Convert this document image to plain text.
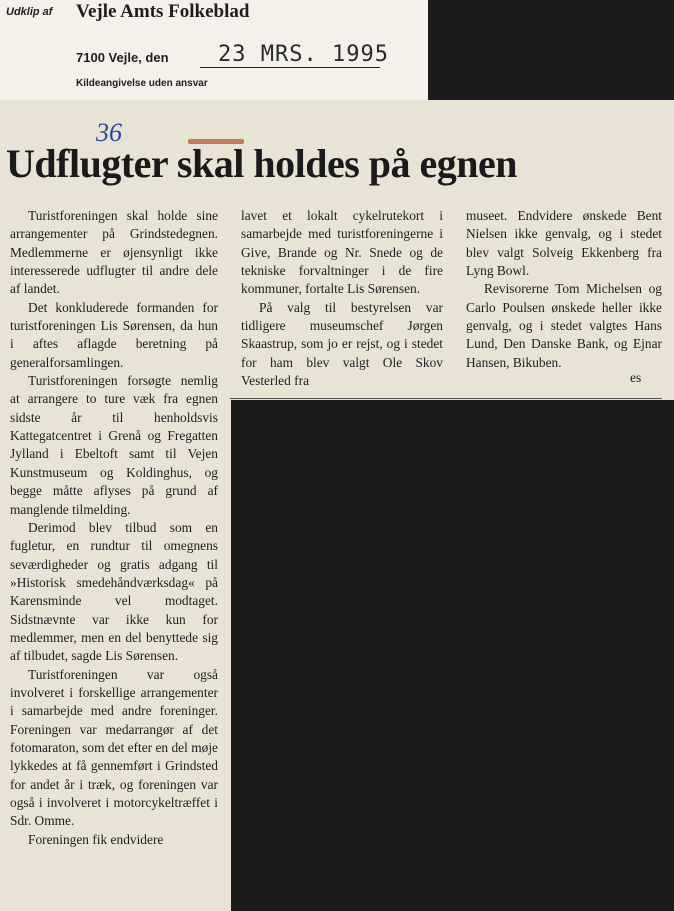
Udklip af Vejle Amts Folkeblad
7100 Vejle, den 23 MRS. 1995
Kildeangivelse uden ansvar
36
Udflugter skal holdes på egnen

Turistforeningen skal holde sine arrangementer på Grindstedegnen. Medlemmerne er øjensynligt ikke interesserede udflugter til andre dele af landet.

Det konkluderede formanden for turistforeningen Lis Sørensen, da hun i aftes aflagde beretning på generalforsamlingen.

Turistforeningen forsøgte nemlig at arrangere to ture væk fra egnen sidste år til henholdsvis Kattegatcentret i Grenå og Fregatten Jylland i Ebeltoft samt til Vejen Kunstmuseum og Koldinghus, og begge måtte aflyses på grund af manglende tilmelding.

Derimod blev tilbud som en fugletur, en rundtur til omegnens seværdigheder og gratis adgang til »Historisk smedehåndværksdag« på Karensminde vel modtaget. Sidstnævnte var ikke kun for medlemmer, men en del benyttede sig af tilbudet, sagde Lis Sørensen.

Turistforeningen var også involveret i forskellige arrangementer i samarbejde med andre foreninger. Foreningen var medarrangør af det fotomaraton, som det efter en del møje lykkedes at få gennemført i Grindsted for andet år i træk, og foreningen var også i involveret i motorcykeltræffet i Sdr. Omme.

Foreningen fik endvidere

lavet et lokalt cykelrutekort i samarbejde med turistforeningerne i Give, Brande og Nr. Snede og de tekniske forvaltninger i de fire kommuner, fortalte Lis Sørensen.

På valg til bestyrelsen var tidligere museumschef Jørgen Skaastrup, som jo er rejst, og i stedet for ham blev valgt Ole Skov Vesterled fra

museet. Endvidere ønskede Bent Nielsen ikke genvalg, og i stedet blev valgt Solveig Ekkenberg fra Lyng Bowl.

Revisorerne Tom Michelsen og Carlo Poulsen ønskede heller ikke genvalg, og i stedet valgtes Hans Lund, Den Danske Bank, og Ejnar Hansen, Bikuben.

es
